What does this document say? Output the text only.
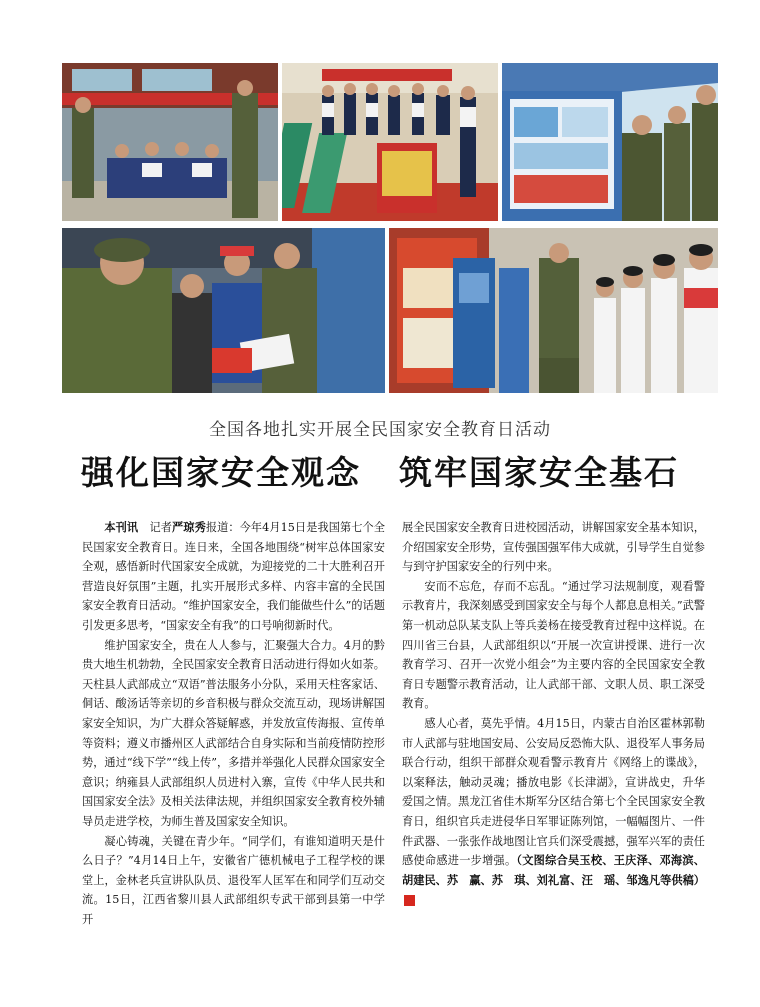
全国各地扎实开展全民国家安全教育日活动
强化国家安全观念 筑牢国家安全基石

本刊讯　 记者严琼秀报道：今年4月15日是我国第七个全民国家安全教育日。连日来，全国各地围绕“树牢总体国家安全观，感悟新时代国家安全成就，为迎接党的二十大胜利召开营造良好氛围”主题，扎实开展形式多样、内容丰富的全民国家安全教育日活动。“维护国家安全，我们能做些什么”的话题引发更多思考，“国家安全有我”的口号响彻新时代。

维护国家安全，贵在人人参与，汇聚强大合力。4月的黔贵大地生机勃勃，全民国家安全教育日活动进行得如火如荼。天柱县人武部成立“双语”普法服务小分队，采用天柱客家话、侗话、酸汤话等亲切的乡音积极与群众交流互动，现场讲解国家安全知识，为广大群众答疑解惑，并发放宣传海报、宣传单等资料；遵义市播州区人武部结合自身实际和当前疫情防控形势，通过“线下学”“线上传”，多措并举强化人民群众国家安全意识；纳雍县人武部组织人员进村入寨，宣传《中华人民共和国国家安全法》及相关法律法规，并组织国家安全教育校外辅导员走进学校，为师生普及国家安全知识。

凝心铸魂，关键在青少年。“同学们，有谁知道明天是什么日子？”4月14日上午，安徽省广德机械电子工程学校的课堂上，金林老兵宣讲队队员、退役军人匡军在和同学们互动交流。15日，江西省黎川县人武部组织专武干部到县第一中学开

展全民国家安全教育日进校园活动，讲解国家安全基本知识，介绍国家安全形势，宣传强国强军伟大成就，引导学生自觉参与到守护国家安全的行列中来。

安而不忘危，存而不忘乱。“通过学习法规制度，观看警示教育片，我深刻感受到国家安全与每个人都息息相关。”武警第一机动总队某支队上等兵姜杨在接受教育过程中这样说。在四川省三台县，人武部组织以“开展一次宣讲授课、进行一次教育学习、召开一次党小组会”为主要内容的全民国家安全教育日专题警示教育活动，让人武部干部、文职人员、职工深受教育。

感人心者，莫先乎情。4月15日，内蒙古自治区霍林郭勒市人武部与驻地国安局、公安局反恐怖大队、退役军人事务局联合行动，组织干部群众观看警示教育片《网络上的谍战》，以案释法，触动灵魂；播放电影《长津湖》，宣讲战史，升华爱国之情。黑龙江省佳木斯军分区结合第七个全民国家安全教育日，组织官兵走进侵华日军罪证陈列馆，一幅幅图片、一件件武器、一张张作战地图让官兵们深受震撼，强军兴军的责任感使命感进一步增强。（文图综合吴玉校、王庆泽、邓海滨、胡建民、苏　赢、苏　琪、刘礼富、汪　瑶、邹逸凡等供稿）G
